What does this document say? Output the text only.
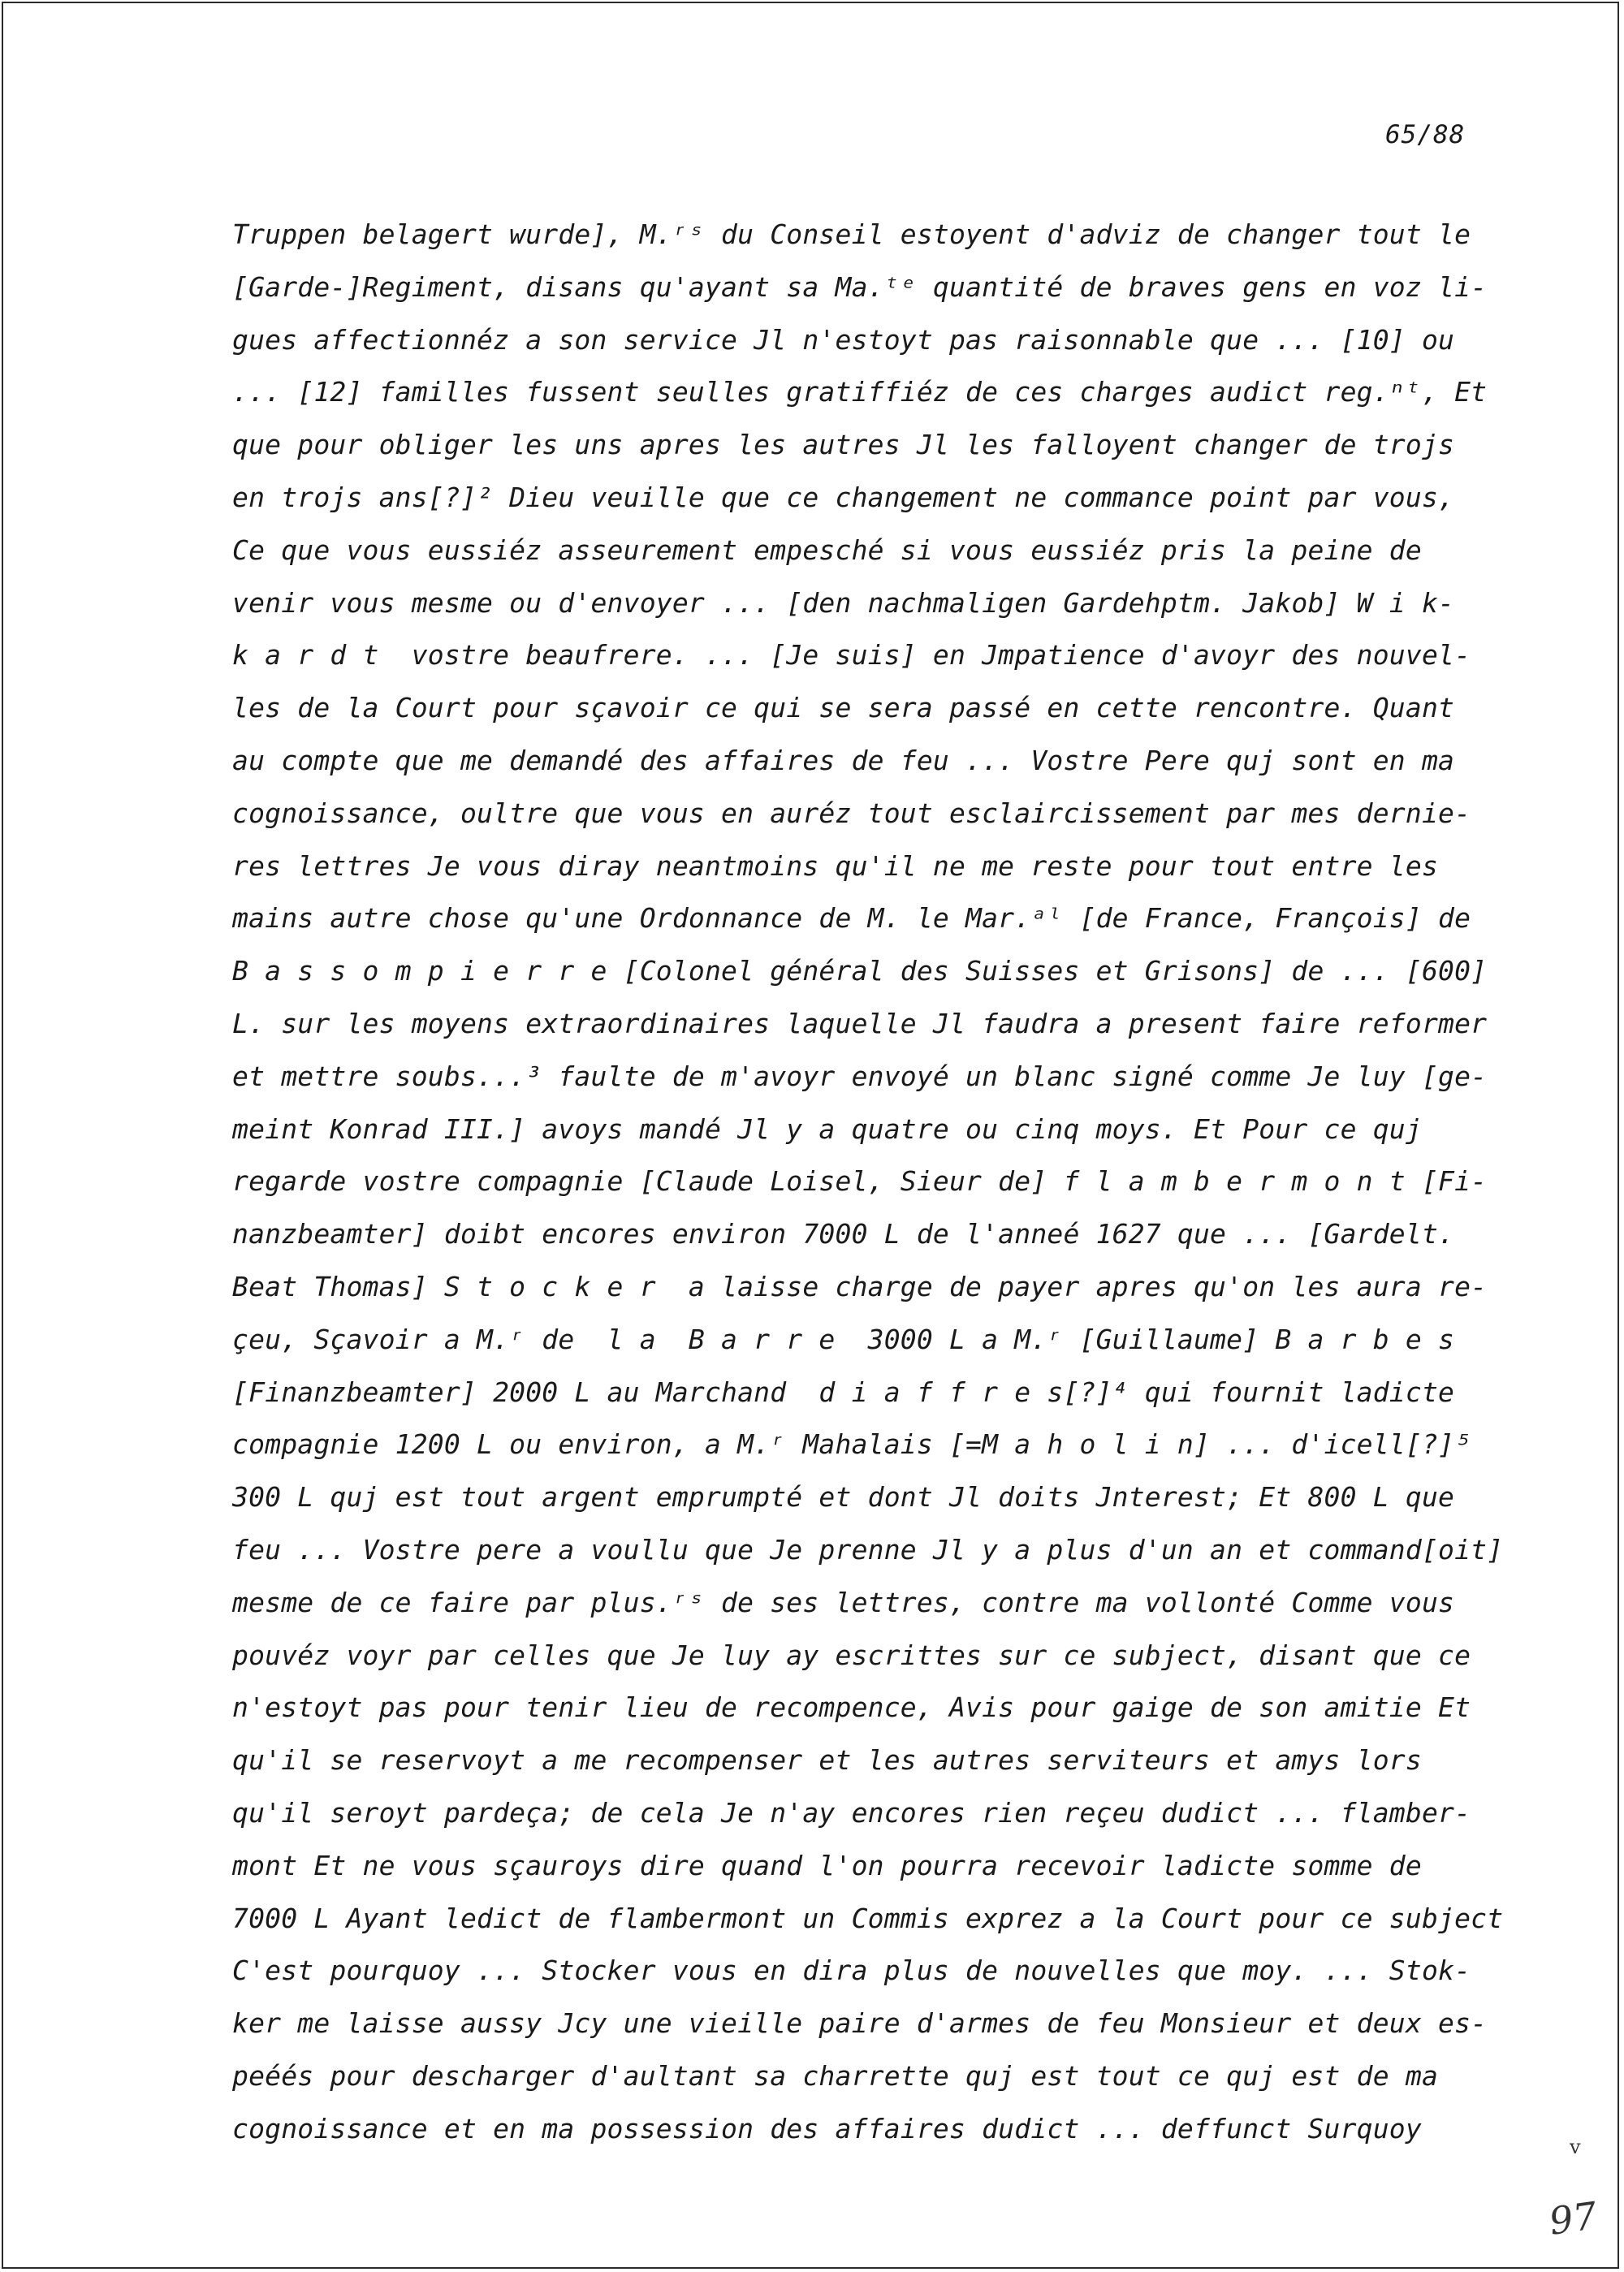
65/88
Truppen belagert wurde], M.ʳˢ du Conseil estoyent d'adviz de changer tout le
[Garde-]Regiment, disans qu'ayant sa Ma.ᵗᵉ quantité de braves gens en voz li-
gues affectionnéz a son service Jl n'estoyt pas raisonnable que ... [10] ou
... [12] familles fussent seulles gratiffiéz de ces charges audict reg.ⁿᵗ, Et
que pour obliger les uns apres les autres Jl les falloyent changer de trojs
en trojs ans[?]² Dieu veuille que ce changement ne commance point par vous,
Ce que vous eussiéz asseurement empesché si vous eussiéz pris la peine de
venir vous mesme ou d'envoyer ... [den nachmaligen Gardehptm. Jakob] W i k-
k a r d t  vostre beaufrere. ... [Je suis] en Jmpatience d'avoyr des nouvel-
les de la Court pour sçavoir ce qui se sera passé en cette rencontre. Quant
au compte que me demandé des affaires de feu ... Vostre Pere quj sont en ma
cognoissance, oultre que vous en auréz tout esclaircissement par mes dernie-
res lettres Je vous diray neantmoins qu'il ne me reste pour tout entre les
mains autre chose qu'une Ordonnance de M. le Mar.ᵃˡ [de France, François] de
B a s s o m p i e r r e [Colonel général des Suisses et Grisons] de ... [600]
L. sur les moyens extraordinaires laquelle Jl faudra a present faire reformer
et mettre soubs...³ faulte de m'avoyr envoyé un blanc signé comme Je luy [ge-
meint Konrad III.] avoys mandé Jl y a quatre ou cinq moys. Et Pour ce quj
regarde vostre compagnie [Claude Loisel, Sieur de] f l a m b e r m o n t [Fi-
nanzbeamter] doibt encores environ 7000 L de l'anneé 1627 que ... [Gardelt.
Beat Thomas] S t o c k e r  a laisse charge de payer apres qu'on les aura re-
çeu, Sçavoir a M.ʳ de  l a  B a r r e  3000 L a M.ʳ [Guillaume] B a r b e s
[Finanzbeamter] 2000 L au Marchand  d i a f f r e s[?]⁴ qui fournit ladicte
compagnie 1200 L ou environ, a M.ʳ Mahalais [=M a h o l i n] ... d'icell[?]⁵
300 L quj est tout argent emprumpté et dont Jl doits Jnterest; Et 800 L que
feu ... Vostre pere a voullu que Je prenne Jl y a plus d'un an et command[oit]
mesme de ce faire par plus.ʳˢ de ses lettres, contre ma vollonté Comme vous
pouvéz voyr par celles que Je luy ay escrittes sur ce subject, disant que ce
n'estoyt pas pour tenir lieu de recompence, Avis pour gaige de son amitie Et
qu'il se reservoyt a me recompenser et les autres serviteurs et amys lors
qu'il seroyt pardeça; de cela Je n'ay encores rien reçeu dudict ... flamber-
mont Et ne vous sçauroys dire quand l'on pourra recevoir ladicte somme de
7000 L Ayant ledict de flambermont un Commis exprez a la Court pour ce subject
C'est pourquoy ... Stocker vous en dira plus de nouvelles que moy. ... Stok-
ker me laisse aussy Jcy une vieille paire d'armes de feu Monsieur et deux es-
peéés pour descharger d'aultant sa charrette quj est tout ce quj est de ma
cognoissance et en ma possession des affaires dudict ... deffunct Surquoy
v
97
